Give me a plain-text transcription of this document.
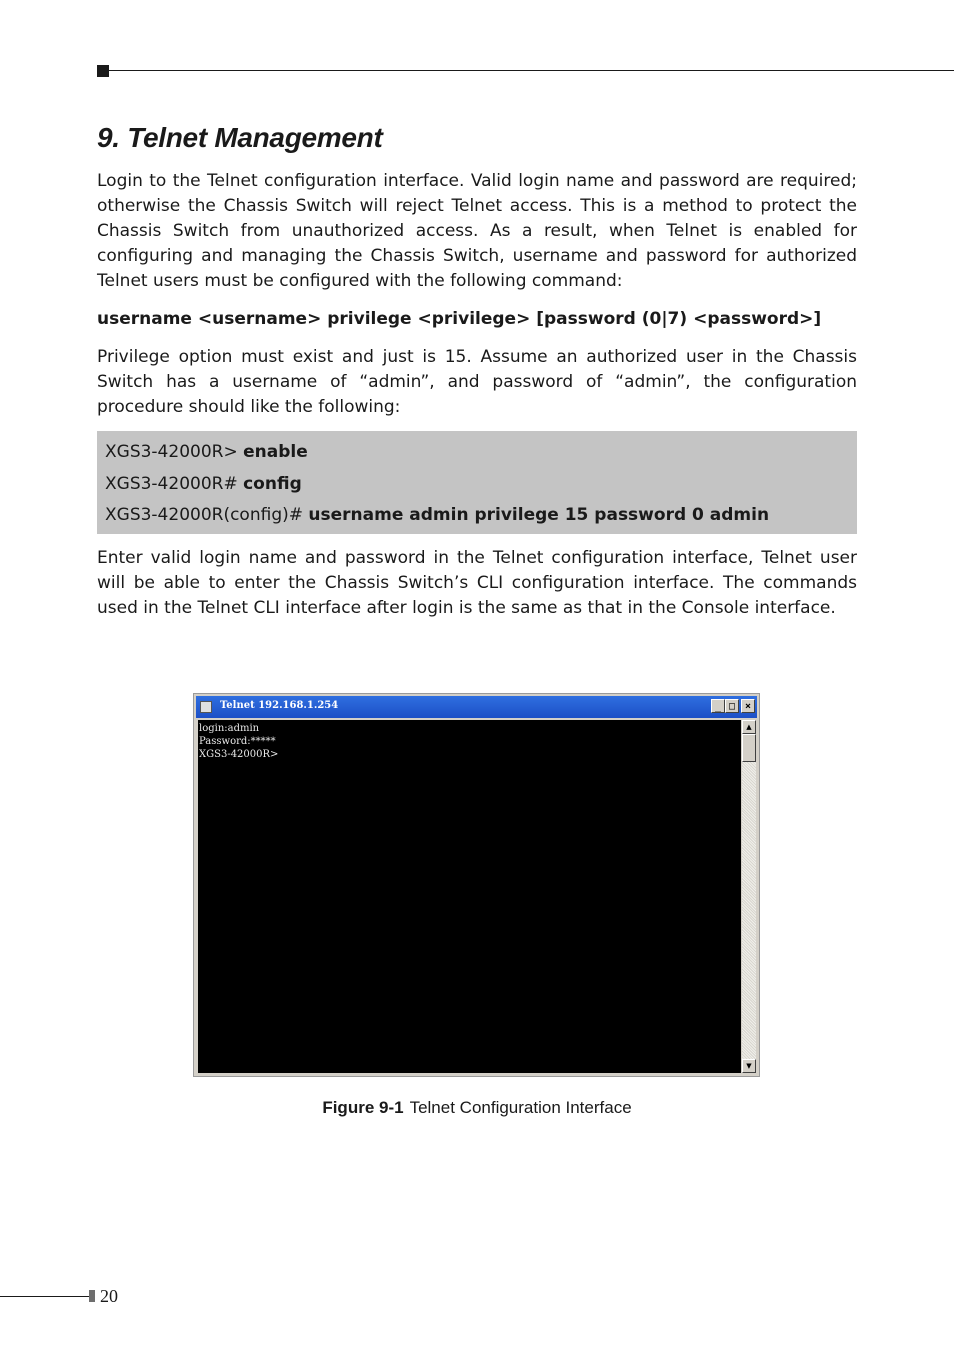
9. Telnet Management

Login to the Telnet configuration interface. Valid login name and password are required; otherwise the Chassis Switch will reject Telnet access. This is a method to protect the Chassis Switch from unauthorized access. As a result, when Telnet is enabled for configuring and managing the Chassis Switch, username and password for authorized Telnet users must be configured with the following command:

username <username> privilege <privilege> [password (0|7) <password>]

Privilege option must exist and just is 15. Assume an authorized user in the Chassis Switch has a username of “admin”, and password of “admin”, the configuration procedure should like the following:

XGS3-42000R> enable
XGS3-42000R# config
XGS3-42000R(config)# username admin privilege 15 password 0 admin

Enter valid login name and password in the Telnet configuration interface, Telnet user will be able to enter the Chassis Switch’s CLI configuration interface. The commands used in the Telnet CLI interface after login is the same as that in the Console interface.

Telnet 192.168.1.254	_ □ ×
login:admin
Password:*****
XGS3-42000R>
▲
▼
Figure 9-1 Telnet Configuration Interface
20
